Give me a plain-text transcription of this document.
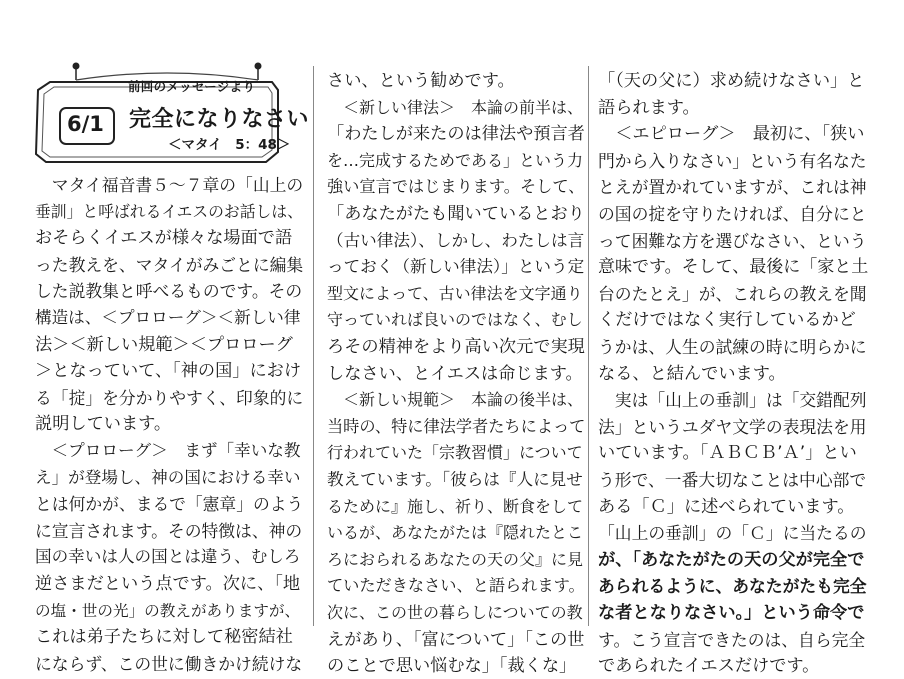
前回のメッセージより
6/1 完全になりなさい
＜マタイ　5：48＞
　マタイ福音書５～７章の「山上の
垂訓」と呼ばれるイエスのお話しは、
おそらくイエスが様々な場面で語
った教えを、マタイがみごとに編集
した説教集と呼べるものです。その
構造は、＜プロローグ＞＜新しい律
法＞＜新しい規範＞＜プロローグ
＞となっていて、「神の国」におけ
る「掟」を分かりやすく、印象的に
説明しています。
　＜プロローグ＞　まず「幸いな教
え」が登場し、神の国における幸い
とは何かが、まるで「憲章」のよう
に宣言されます。その特徴は、神の
国の幸いは人の国とは違う、むしろ
逆さまだという点です。次に、「地
の塩・世の光」の教えがありますが、
これは弟子たちに対して秘密結社
にならず、この世に働きかけ続けな
さい、という勧めです。
　＜新しい律法＞　本論の前半は、
「わたしが来たのは律法や預言者
を…完成するためである」という力
強い宣言ではじまります。そして、
「あなたがたも聞いているとおり
（古い律法）、しかし、わたしは言
っておく（新しい律法）」という定
型文によって、古い律法を文字通り
守っていれば良いのではなく、むし
ろその精神をより高い次元で実現
しなさい、とイエスは命じます。
　＜新しい規範＞　本論の後半は、
当時の、特に律法学者たちによって
行われていた「宗教習慣」について
教えています。「彼らは『人に見せ
るために』施し、祈り、断食をして
いるが、あなたがたは『隠れたとこ
ろにおられるあなたの天の父』に見
ていただきなさい、と語られます。
次に、この世の暮らしについての教
えがあり、「富について」「この世
のことで思い悩むな」「裁くな」
「（天の父に）求め続けなさい」と
語られます。
　＜エピローグ＞　最初に、「狭い
門から入りなさい」という有名なた
とえが置かれていますが、これは神
の国の掟を守りたければ、自分にと
って困難な方を選びなさい、という
意味です。そして、最後に「家と土
台のたとえ」が、これらの教えを聞
くだけではなく実行しているかど
うかは、人生の試練の時に明らかに
なる、と結んでいます。
　実は「山上の垂訓」は「交錯配列
法」というユダヤ文学の表現法を用
いています。「ＡＢＣＢ’Ａ’」とい
う形で、一番大切なことは中心部で
ある「Ｃ」に述べられています。
「山上の垂訓」の「Ｃ」に当たるの
が、「あなたがたの天の父が完全で
あられるように、あなたがたも完全
な者となりなさい。」という命令で
す。こう宣言できたのは、自ら完全
であられたイエスだけです。
